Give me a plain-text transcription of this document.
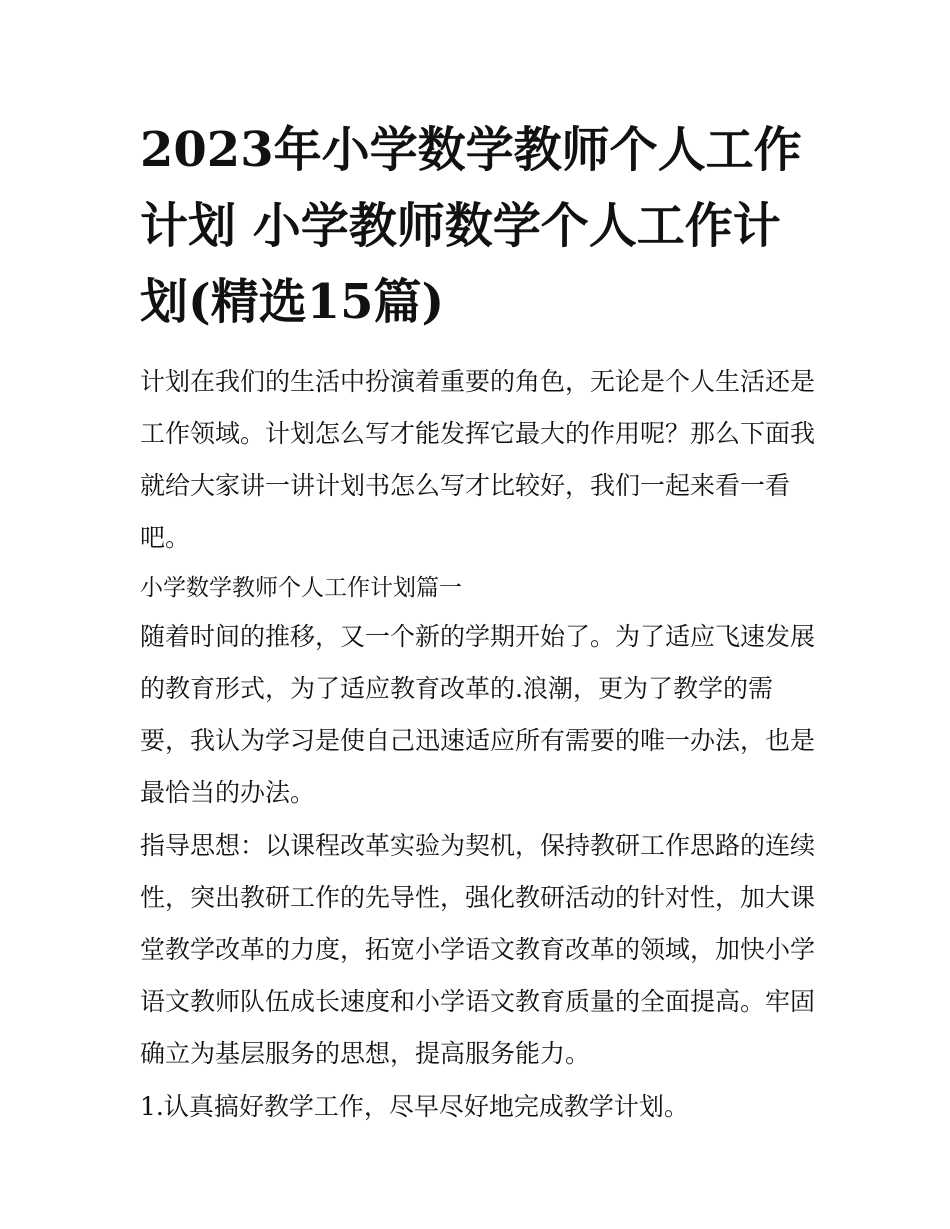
2023年小学数学教师个人工作计划 小学教师数学个人工作计划(精选15篇)

计划在我们的生活中扮演着重要的角色，无论是个人生活还是工作领域。计划怎么写才能发挥它最大的作用呢？那么下面我就给大家讲一讲计划书怎么写才比较好，我们一起来看一看吧。

小学数学教师个人工作计划篇一

随着时间的推移，又一个新的学期开始了。为了适应飞速发展的教育形式，为了适应教育改革的.浪潮，更为了教学的需要，我认为学习是使自己迅速适应所有需要的唯一办法，也是最恰当的办法。

指导思想：以课程改革实验为契机，保持教研工作思路的连续性，突出教研工作的先导性，强化教研活动的针对性，加大课堂教学改革的力度，拓宽小学语文教育改革的领域，加快小学语文教师队伍成长速度和小学语文教育质量的全面提高。牢固确立为基层服务的思想，提高服务能力。

1.认真搞好教学工作，尽早尽好地完成教学计划。
